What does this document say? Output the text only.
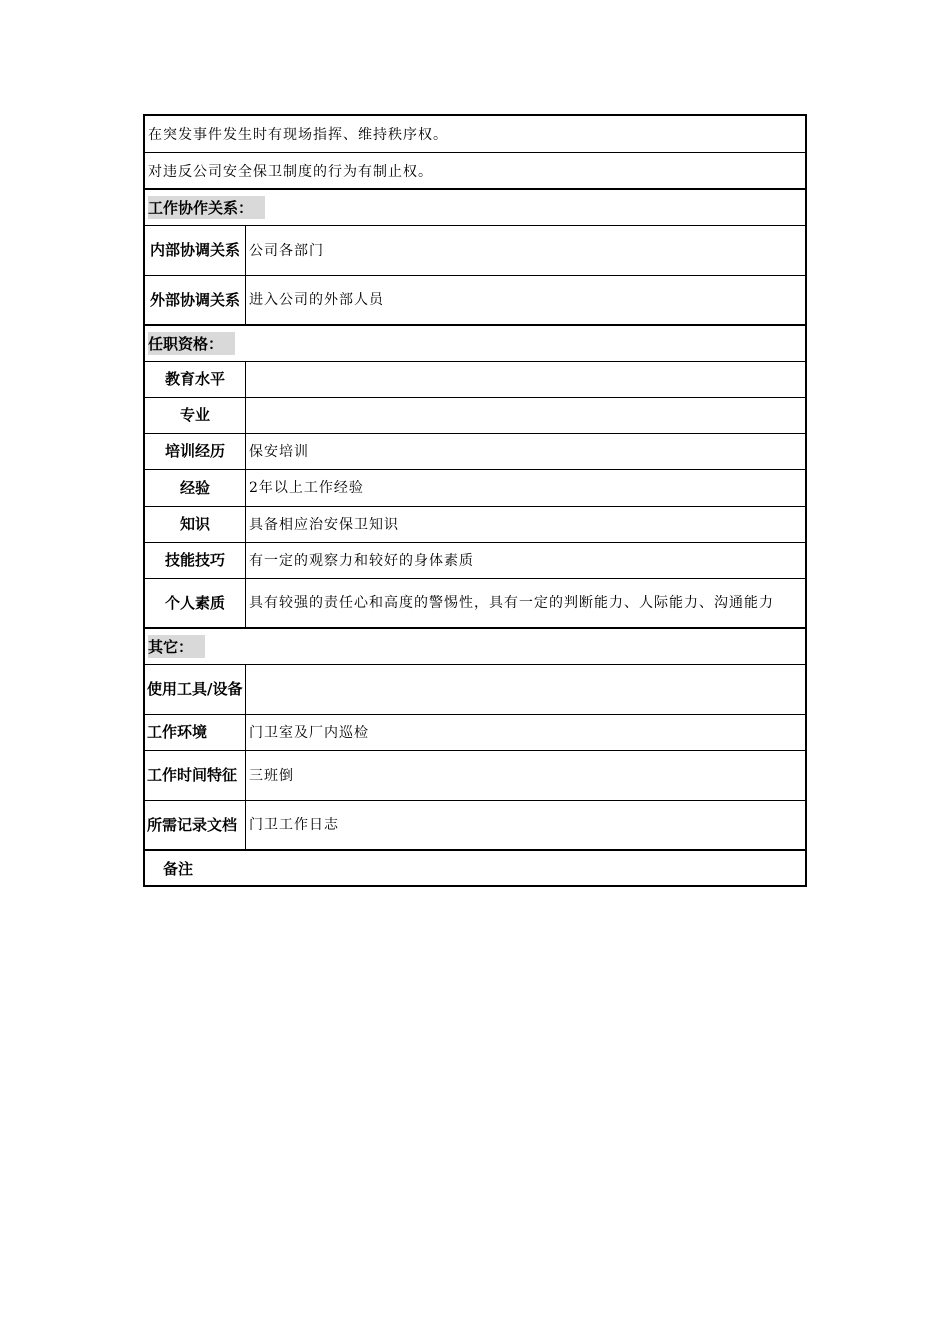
在突发事件发生时有现场指挥、维持秩序权。
对违反公司安全保卫制度的行为有制止权。
工作协作关系：
内部协调关系 公司各部门
外部协调关系 进入公司的外部人员
任职资格：
教育水平
专业
培训经历	保安培训
经验	2年以上工作经验
知识	具备相应治安保卫知识
技能技巧	有一定的观察力和较好的身体素质
个人素质	具有较强的责任心和高度的警惕性，具有一定的判断能力、人际能力、沟通能力
其它：
使用工具/设备
工作环境	门卫室及厂内巡检
工作时间特征 三班倒
所需记录文档 门卫工作日志
备注
